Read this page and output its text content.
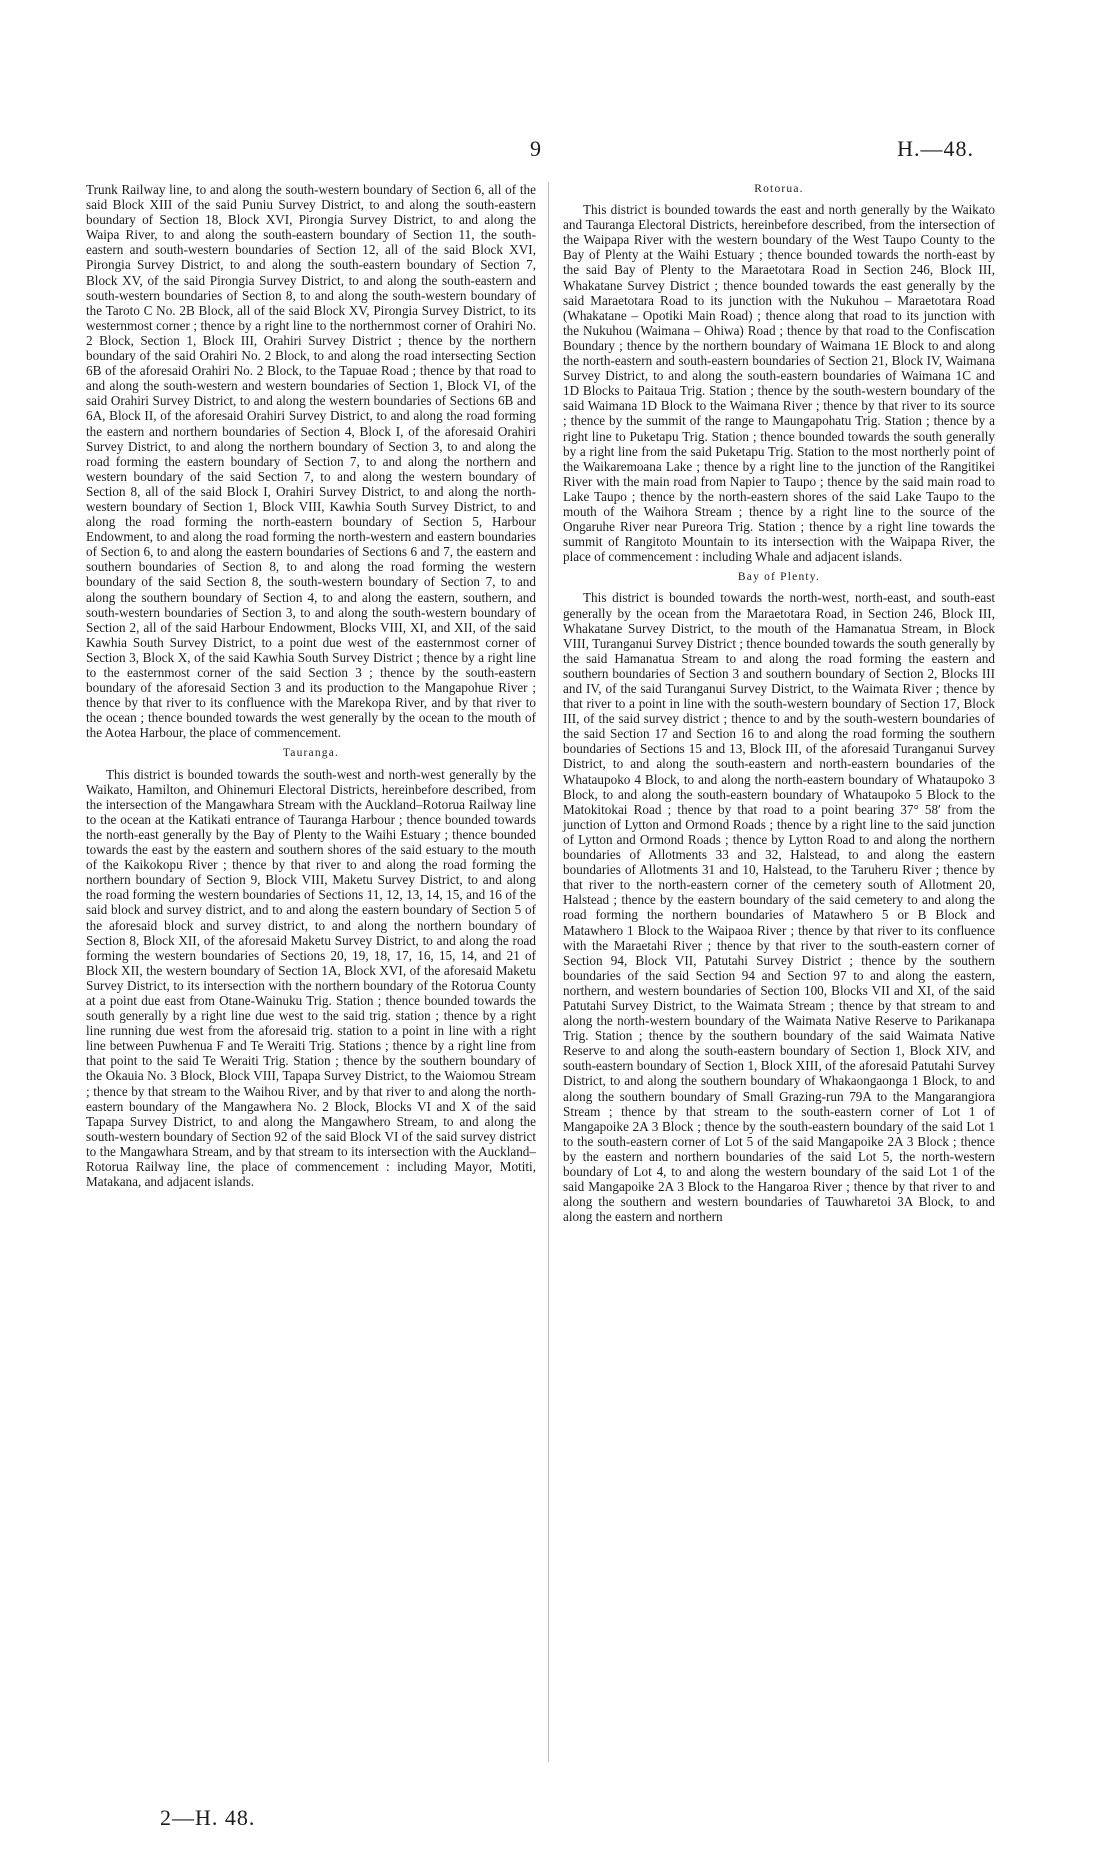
9	H.—48.

Trunk Railway line, to and along the south-western boundary of Section 6, all of the said Block XIII of the said Puniu Survey District, to and along the south-eastern boundary of Section 18, Block XVI, Pirongia Survey District, to and along the Waipa River, to and along the south-eastern boundary of Section 11, the south-eastern and south-western boundaries of Section 12, all of the said Block XVI, Pirongia Survey District, to and along the south-eastern boundary of Section 7, Block XV, of the said Pirongia Survey District, to and along the south-eastern and south-western boundaries of Section 8, to and along the south-western boundary of the Taroto C No. 2B Block, all of the said Block XV, Pirongia Survey District, to its westernmost corner ; thence by a right line to the northernmost corner of Orahiri No. 2 Block, Section 1, Block III, Orahiri Survey District ; thence by the northern boundary of the said Orahiri No. 2 Block, to and along the road intersecting Section 6B of the aforesaid Orahiri No. 2 Block, to the Tapuae Road ; thence by that road to and along the south-western and western boundaries of Section 1, Block VI, of the said Orahiri Survey District, to and along the western boundaries of Sections 6B and 6A, Block II, of the aforesaid Orahiri Survey District, to and along the road forming the eastern and northern boundaries of Section 4, Block I, of the aforesaid Orahiri Survey District, to and along the northern boundary of Section 3, to and along the road forming the eastern boundary of Section 7, to and along the northern and western boundary of the said Section 7, to and along the western boundary of Section 8, all of the said Block I, Orahiri Survey District, to and along the north-western boundary of Section 1, Block VIII, Kawhia South Survey District, to and along the road forming the north-eastern boundary of Section 5, Harbour Endowment, to and along the road forming the north-western and eastern boundaries of Section 6, to and along the eastern boundaries of Sections 6 and 7, the eastern and southern boundaries of Section 8, to and along the road forming the western boundary of the said Section 8, the south-western boundary of Section 7, to and along the southern boundary of Section 4, to and along the eastern, southern, and south-western boundaries of Section 3, to and along the south-western boundary of Section 2, all of the said Harbour Endowment, Blocks VIII, XI, and XII, of the said Kawhia South Survey District, to a point due west of the easternmost corner of Section 3, Block X, of the said Kawhia South Survey District ; thence by a right line to the easternmost corner of the said Section 3 ; thence by the south-eastern boundary of the aforesaid Section 3 and its production to the Mangapohue River ; thence by that river to its confluence with the Marekopa River, and by that river to the ocean ; thence bounded towards the west generally by the ocean to the mouth of the Aotea Harbour, the place of commencement.

Tauranga.

This district is bounded towards the south-west and north-west generally by the Waikato, Hamilton, and Ohinemuri Electoral Districts, hereinbefore described, from the intersection of the Mangawhara Stream with the Auckland–Rotorua Railway line to the ocean at the Katikati entrance of Tauranga Harbour ; thence bounded towards the north-east generally by the Bay of Plenty to the Waihi Estuary ; thence bounded towards the east by the eastern and southern shores of the said estuary to the mouth of the Kaikokopu River ; thence by that river to and along the road forming the northern boundary of Section 9, Block VIII, Maketu Survey District, to and along the road forming the western boundaries of Sections 11, 12, 13, 14, 15, and 16 of the said block and survey district, and to and along the eastern boundary of Section 5 of the aforesaid block and survey district, to and along the northern boundary of Section 8, Block XII, of the aforesaid Maketu Survey District, to and along the road forming the western boundaries of Sections 20, 19, 18, 17, 16, 15, 14, and 21 of Block XII, the western boundary of Section 1A, Block XVI, of the aforesaid Maketu Survey District, to its intersection with the northern boundary of the Rotorua County at a point due east from Otane-Wainuku Trig. Station ; thence bounded towards the south generally by a right line due west to the said trig. station ; thence by a right line running due west from the aforesaid trig. station to a point in line with a right line between Puwhenua F and Te Weraiti Trig. Stations ; thence by a right line from that point to the said Te Weraiti Trig. Station ; thence by the southern boundary of the Okauia No. 3 Block, Block VIII, Tapapa Survey District, to the Waiomou Stream ; thence by that stream to the Waihou River, and by that river to and along the north-eastern boundary of the Mangawhera No. 2 Block, Blocks VI and X of the said Tapapa Survey District, to and along the Mangawhero Stream, to and along the south-western boundary of Section 92 of the said Block VI of the said survey district to the Mangawhara Stream, and by that stream to its intersection with the Auckland–Rotorua Railway line, the place of commencement : including Mayor, Motiti, Matakana, and adjacent islands.

Rotorua.

This district is bounded towards the east and north generally by the Waikato and Tauranga Electoral Districts, hereinbefore described, from the intersection of the Waipapa River with the western boundary of the West Taupo County to the Bay of Plenty at the Waihi Estuary ; thence bounded towards the north-east by the said Bay of Plenty to the Maraetotara Road in Section 246, Block III, Whakatane Survey District ; thence bounded towards the east generally by the said Maraetotara Road to its junction with the Nukuhou – Maraetotara Road (Whakatane – Opotiki Main Road) ; thence along that road to its junction with the Nukuhou (Waimana – Ohiwa) Road ; thence by that road to the Confiscation Boundary ; thence by the northern boundary of Waimana 1E Block to and along the north-eastern and south-eastern boundaries of Section 21, Block IV, Waimana Survey District, to and along the south-eastern boundaries of Waimana 1C and 1D Blocks to Paitaua Trig. Station ; thence by the south-western boundary of the said Waimana 1D Block to the Waimana River ; thence by that river to its source ; thence by the summit of the range to Maungapohatu Trig. Station ; thence by a right line to Puketapu Trig. Station ; thence bounded towards the south generally by a right line from the said Puketapu Trig. Station to the most northerly point of the Waikaremoana Lake ; thence by a right line to the junction of the Rangitikei River with the main road from Napier to Taupo ; thence by the said main road to Lake Taupo ; thence by the north-eastern shores of the said Lake Taupo to the mouth of the Waihora Stream ; thence by a right line to the source of the Ongaruhe River near Pureora Trig. Station ; thence by a right line towards the summit of Rangitoto Mountain to its intersection with the Waipapa River, the place of commencement : including Whale and adjacent islands.

Bay of Plenty.

This district is bounded towards the north-west, north-east, and south-east generally by the ocean from the Maraetotara Road, in Section 246, Block III, Whakatane Survey District, to the mouth of the Hamanatua Stream, in Block VIII, Turanganui Survey District ; thence bounded towards the south generally by the said Hamanatua Stream to and along the road forming the eastern and southern boundaries of Section 3 and southern boundary of Section 2, Blocks III and IV, of the said Turanganui Survey District, to the Waimata River ; thence by that river to a point in line with the south-western boundary of Section 17, Block III, of the said survey district ; thence to and by the south-western boundaries of the said Section 17 and Section 16 to and along the road forming the southern boundaries of Sections 15 and 13, Block III, of the aforesaid Turanganui Survey District, to and along the south-eastern and north-eastern boundaries of the Whataupoko 4 Block, to and along the north-eastern boundary of Whataupoko 3 Block, to and along the south-eastern boundary of Whataupoko 5 Block to the Matokitokai Road ; thence by that road to a point bearing 37° 58′ from the junction of Lytton and Ormond Roads ; thence by a right line to the said junction of Lytton and Ormond Roads ; thence by Lytton Road to and along the northern boundaries of Allotments 33 and 32, Halstead, to and along the eastern boundaries of Allotments 31 and 10, Halstead, to the Taruheru River ; thence by that river to the north-eastern corner of the cemetery south of Allotment 20, Halstead ; thence by the eastern boundary of the said cemetery to and along the road forming the northern boundaries of Matawhero 5 or B Block and Matawhero 1 Block to the Waipaoa River ; thence by that river to its confluence with the Maraetahi River ; thence by that river to the south-eastern corner of Section 94, Block VII, Patutahi Survey District ; thence by the southern boundaries of the said Section 94 and Section 97 to and along the eastern, northern, and western boundaries of Section 100, Blocks VII and XI, of the said Patutahi Survey District, to the Waimata Stream ; thence by that stream to and along the north-western boundary of the Waimata Native Reserve to Parikanapa Trig. Station ; thence by the southern boundary of the said Waimata Native Reserve to and along the south-eastern boundary of Section 1, Block XIV, and south-eastern boundary of Section 1, Block XIII, of the aforesaid Patutahi Survey District, to and along the southern boundary of Whakaongaonga 1 Block, to and along the southern boundary of Small Grazing-run 79A to the Mangarangiora Stream ; thence by that stream to the south-eastern corner of Lot 1 of Mangapoike 2A 3 Block ; thence by the south-eastern boundary of the said Lot 1 to the south-eastern corner of Lot 5 of the said Mangapoike 2A 3 Block ; thence by the eastern and northern boundaries of the said Lot 5, the north-western boundary of Lot 4, to and along the western boundary of the said Lot 1 of the said Mangapoike 2A 3 Block to the Hangaroa River ; thence by that river to and along the southern and western boundaries of Tauwharetoi 3A Block, to and along the eastern and northern

2—H. 48.
